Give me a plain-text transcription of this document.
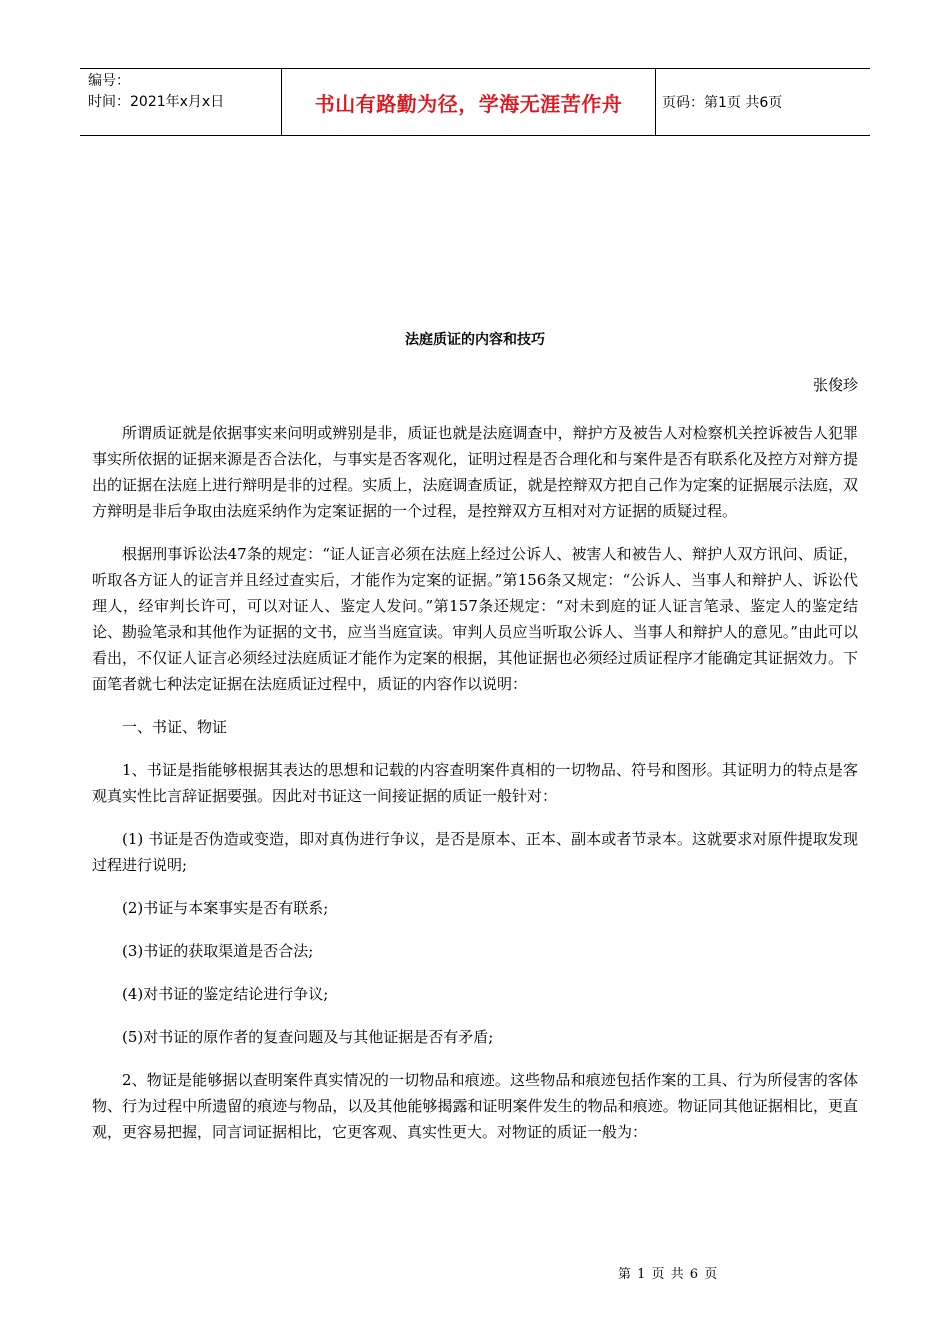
编号：
时间：2021年x月x日	书山有路勤为径，学海无涯苦作舟	页码：第1页 共6页
法庭质证的内容和技巧
张俊珍

所谓质证就是依据事实来问明或辨别是非，质证也就是法庭调查中，辩护方及被告人对检察机关控诉被告人犯罪事实所依据的证据来源是否合法化，与事实是否客观化，证明过程是否合理化和与案件是否有联系化及控方对辩方提出的证据在法庭上进行辩明是非的过程。实质上，法庭调查质证，就是控辩双方把自己作为定案的证据展示法庭，双方辩明是非后争取由法庭采纳作为定案证据的一个过程，是控辩双方互相对对方证据的质疑过程。

根据刑事诉讼法47条的规定：“证人证言必须在法庭上经过公诉人、被害人和被告人、辩护人双方讯问、质证，听取各方证人的证言并且经过查实后，才能作为定案的证据。”第156条又规定：“公诉人、当事人和辩护人、诉讼代理人，经审判长许可，可以对证人、鉴定人发问。”第157条还规定：“对未到庭的证人证言笔录、鉴定人的鉴定结论、勘验笔录和其他作为证据的文书，应当当庭宣读。审判人员应当听取公诉人、当事人和辩护人的意见。”由此可以看出，不仅证人证言必须经过法庭质证才能作为定案的根据，其他证据也必须经过质证程序才能确定其证据效力。下面笔者就七种法定证据在法庭质证过程中，质证的内容作以说明：

一、书证、物证

1、书证是指能够根据其表达的思想和记载的内容查明案件真相的一切物品、符号和图形。其证明力的特点是客观真实性比言辞证据要强。因此对书证这一间接证据的质证一般针对：

(1) 书证是否伪造或变造，即对真伪进行争议，是否是原本、正本、副本或者节录本。这就要求对原件提取发现过程进行说明;

(2)书证与本案事实是否有联系;

(3)书证的获取渠道是否合法;

(4)对书证的鉴定结论进行争议;

(5)对书证的原作者的复查问题及与其他证据是否有矛盾;

2、物证是能够据以查明案件真实情况的一切物品和痕迹。这些物品和痕迹包括作案的工具、行为所侵害的客体物、行为过程中所遗留的痕迹与物品，以及其他能够揭露和证明案件发生的物品和痕迹。物证同其他证据相比，更直观，更容易把握，同言词证据相比，它更客观、真实性更大。对物证的质证一般为：

第 1 页 共 6 页
